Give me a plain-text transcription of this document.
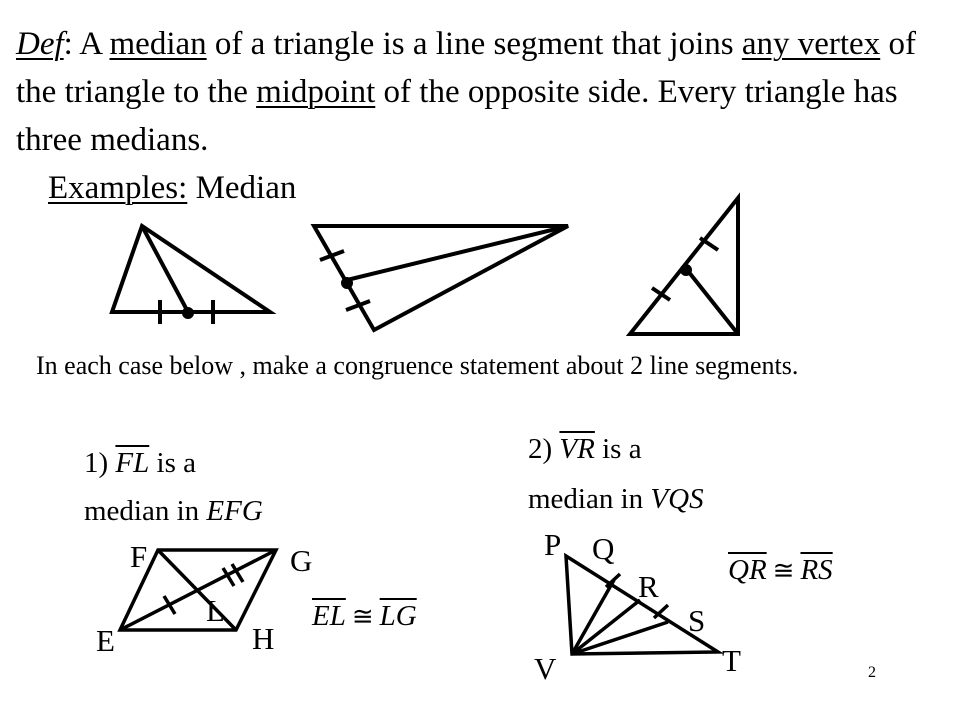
Def: A median of a triangle is a line segment that joins any vertex of the triangle to the midpoint of the opposite side. Every triangle has three medians.
Examples: Median
In each case below , make a congruence statement about 2 line segments.
1) $\overline{FL}$ is a
median in EFG
F	G
E	H
L	$\overline{EL}$ ≅ $\overline{LG}$
2) $\overline{VR}$ is a
median in VQS
P Q
R
S
V	T
$\overline{QR}$ ≅ $\overline{RS}$
2
